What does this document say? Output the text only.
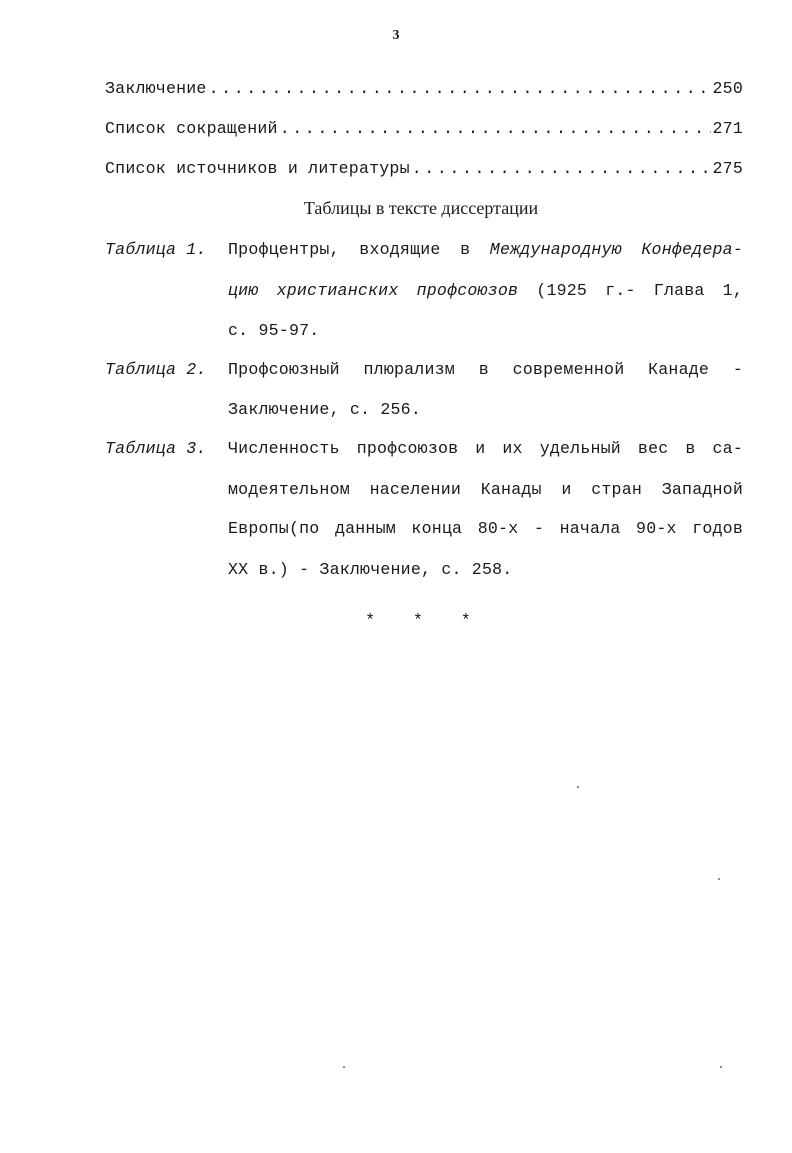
3
Заключение .....	250
Список сокращений .....	271
Список источников и литературы .....	275
Таблицы в тексте диссертации
Таблица 1. Профцентры, входящие в Международную Конфедера-
цию христианских профсоюзов (1925 г.- Глава 1,
с. 95-97.
Таблица 2. Профсоюзный плюрализм в современной Канаде -
Заключение, с. 256.
Таблица 3. Численность профсоюзов и их удельный вес в са-
модеятельном населении Канады и стран Западной
Европы(по данным конца 80-х - начала 90-х годов
XX в.) - Заключение, с. 258.
* * *
